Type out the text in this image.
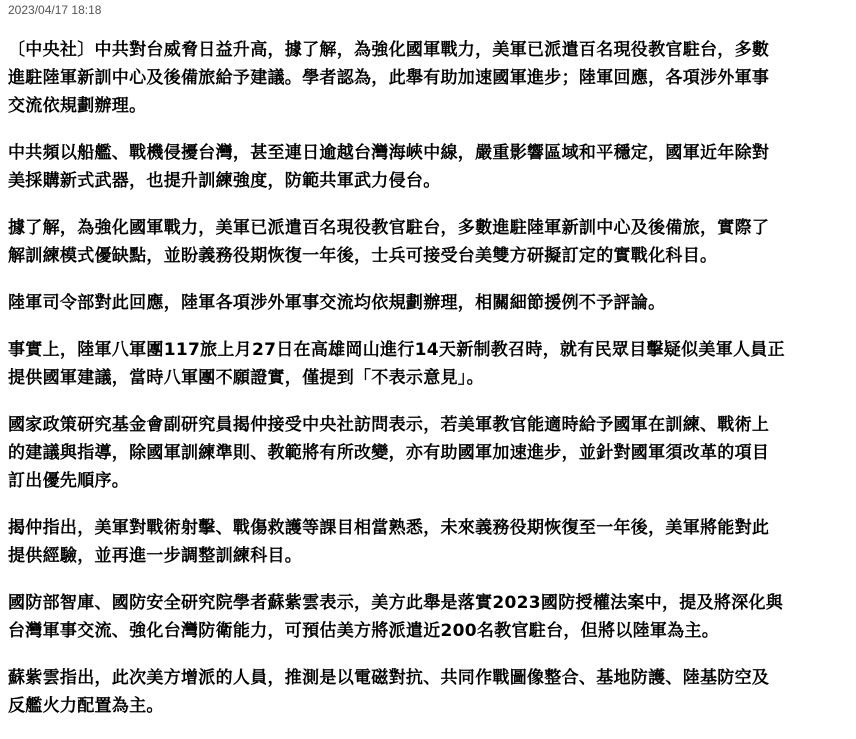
2023/04/17 18:18

〔中央社〕中共對台威脅日益升高，據了解，為強化國軍戰力，美軍已派遣百名現役教官駐台，多數
進駐陸軍新訓中心及後備旅給予建議。學者認為，此舉有助加速國軍進步；陸軍回應，各項涉外軍事
交流依規劃辦理。

中共頻以船艦、戰機侵擾台灣，甚至連日逾越台灣海峽中線，嚴重影響區域和平穩定，國軍近年除對
美採購新式武器，也提升訓練強度，防範共軍武力侵台。

據了解，為強化國軍戰力，美軍已派遣百名現役教官駐台，多數進駐陸軍新訓中心及後備旅，實際了
解訓練模式優缺點，並盼義務役期恢復一年後，士兵可接受台美雙方研擬訂定的實戰化科目。

陸軍司令部對此回應，陸軍各項涉外軍事交流均依規劃辦理，相關細節援例不予評論。

事實上，陸軍八軍團117旅上月27日在高雄岡山進行14天新制教召時，就有民眾目擊疑似美軍人員正
提供國軍建議，當時八軍團不願證實，僅提到「不表示意見」。

國家政策研究基金會副研究員揭仲接受中央社訪問表示，若美軍教官能適時給予國軍在訓練、戰術上
的建議與指導，除國軍訓練準則、教範將有所改變，亦有助國軍加速進步，並針對國軍須改革的項目
訂出優先順序。

揭仲指出，美軍對戰術射擊、戰傷救護等課目相當熟悉，未來義務役期恢復至一年後，美軍將能對此
提供經驗，並再進一步調整訓練科目。

國防部智庫、國防安全研究院學者蘇紫雲表示，美方此舉是落實2023國防授權法案中，提及將深化與
台灣軍事交流、強化台灣防衛能力，可預估美方將派遣近200名教官駐台，但將以陸軍為主。

蘇紫雲指出，此次美方增派的人員，推測是以電磁對抗、共同作戰圖像整合、基地防護、陸基防空及
反艦火力配置為主。
